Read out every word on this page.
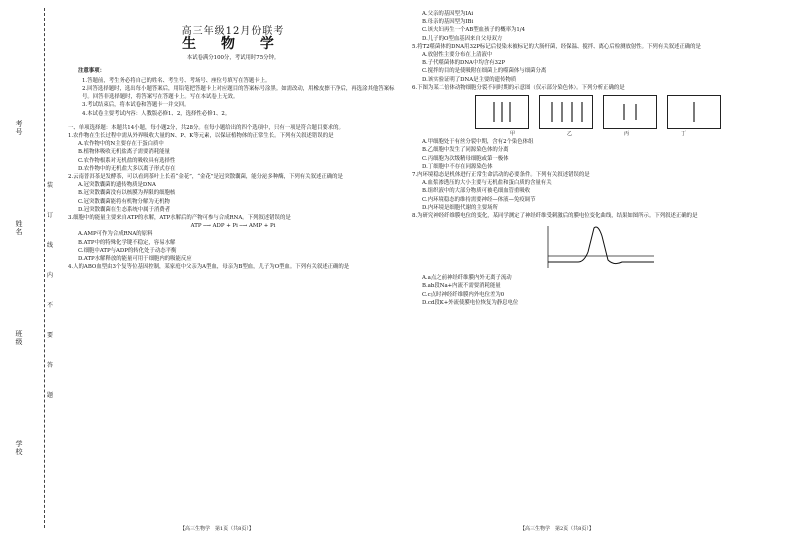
考号
姓名
班级
学校
装
订
线
内
不
要
答
题
高三年级12月份联考
生 物 学
本试卷满分100分，考试用时75分钟。
注意事项：

1.答题前，考生务必将自己的姓名、考生号、考场号、座位号填写在答题卡上。

2.回答选择题时，选出每小题答案后，用铅笔把答题卡上对应题目的答案标号涂黑。如需改动，用橡皮擦干净后，再选涂其他答案标号。回答非选择题时，将答案写在答题卡上。写在本试卷上无效。

3.考试结束后，将本试卷和答题卡一并交回。

4.本试卷主要考试内容：人教版必修1、2，选择性必修1、2。

一、单项选择题：本题共14小题，每小题2分，共28分。在每小题给出的四个选项中，只有一项是符合题目要求的。

1.农作物在生长过程中需从外界吸收大量的N、P、K等元素，以保证植物体的正常生长。下列有关叙述错误的是

A.农作物中的N主要存在于蛋白质中

B.植物体吸收无机盐离子需要消耗能量

C.农作物根系对无机盐的吸收具有选择性

D.农作物中的无机盐大多以离子形式存在

2.云南普洱茶是发酵茶，可以看到茶叶上长着“金花”，“金花”是冠突散囊菌，能分泌多种酶，下列有关叙述正确的是

A.冠突散囊菌的遗传物质是DNA

B.冠突散囊菌没有以核膜为界限的细胞核

C.冠突散囊菌能将有机物分解为无机物

D.冠突散囊菌在生态系统中属于消费者

3.细胞中的能量主要来自ATP的水解，ATP水解后的产物可参与合成RNA。下列叙述错误的是

ATP ─→ ADP + Pi ─→ AMP + Pi

A.AMP可作为合成RNA的原料

B.ATP中的特殊化学键不稳定，容易水解

C.细胞中ATP与ADP的转化处于动态平衡

D.ATP水解释放的能量可用于细胞内的吸能反应

4.人的ABO血型由3个复等位基因控制，某家庭中父亲为A型血，母亲为B型血，儿子为O型血。下列有关叙述正确的是

【高三生物学　第1页（共8页）】

A.父亲的基因型为IAi

B.母亲的基因型为IBi

C.该夫妇再生一个AB型血孩子的概率为1/4

D.儿子的O型血基因来自父母双方

5.将T2噬菌体的DNA用32P标记后侵染未被标记的大肠杆菌，经保温、搅拌、离心后检测放射性。下列有关叙述正确的是

A.放射性主要分布在上清液中

B.子代噬菌体的DNA中均含有32P

C.搅拌的目的是使吸附在细菌上的噬菌体与细菌分离

D.该实验证明了DNA是主要的遗传物质

6.下图为某二倍体动物细胞分裂不同时期的示意图（仅示部分染色体）。下列分析正确的是

甲	乙	丙	丁

A.甲细胞处于有丝分裂中期，含有2个染色体组

B.乙细胞中发生了同源染色体的分离

C.丙细胞为次级精母细胞或第一极体

D.丁细胞中不存在同源染色体

7.内环境稳态是机体进行正常生命活动的必要条件。下列有关叙述错误的是

A.血浆渗透压的大小主要与无机盐和蛋白质的含量有关

B.组织液中的大部分物质可被毛细血管重吸收

C.内环境稳态的维持需要神经—体液—免疫调节

D.内环境是细胞代谢的主要场所

8.为研究神经纤维膜电位的变化，某同学测定了神经纤维受刺激后的膜电位变化曲线，结果如图所示。下列叙述正确的是

A.a点之前神经纤维膜内外无离子流动

B.ab段Na+内流不需要消耗能量

C.c点时神经纤维膜内外电位差为0

D.cd段K+外流使膜电位恢复为静息电位

【高三生物学　第2页（共8页）】
